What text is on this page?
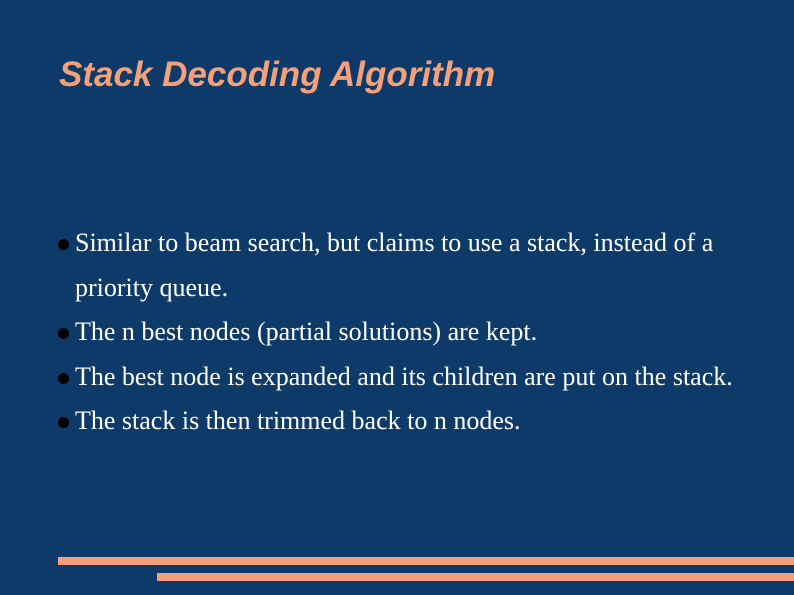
Stack Decoding Algorithm
Similar to beam search, but claims to use a stack, instead of a priority queue.
The n best nodes (partial solutions) are kept.
The best node is expanded and its children are put on the stack.
The stack is then trimmed back to n nodes.
